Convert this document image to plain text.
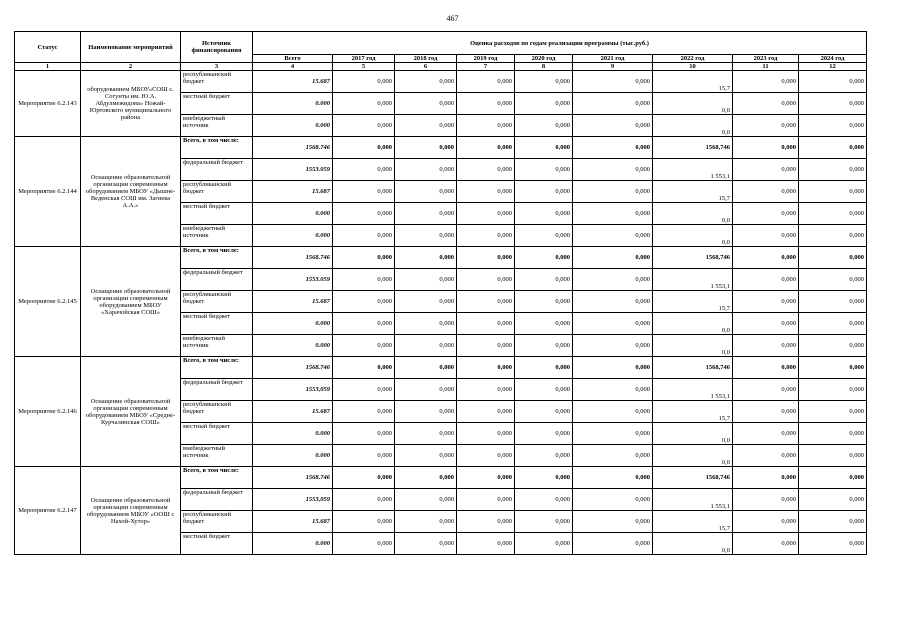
467
Статус	Наименование мероприятий	Источник финансирования	Оценка расходов по годам реализации программы (тыс.руб.)								
			Всего	2017 год	2018 год	2019 год	2020 год	2021 год	2022 год	2023 год	2024 год
1	2	3	4	5	6	7	8	9	10	11	12
Мероприятие 6.2.143	оборудованием МБОУ«СОШ с. Согунты им. Ю.А. Абдулмежидова» Ножай-Юртовского муниципального района	республиканский бюджет	15.687	0,000	0,000	0,000	0,000	0,000	15,7	0,000	0,000
		местный бюджет	0.000	0,000	0,000	0,000	0,000	0,000	0,0	0,000	0,000
		внебюджетный источник	0.000	0,000	0,000	0,000	0,000	0,000	0,0	0,000	0,000
Мероприятие 6.2.144	Оснащение образовательной организации современным оборудованием МБОУ «Дышне-Веденская СОШ им. Загиева А.А.»	Всего, в том числе:	1568.746	0,000	0,000	0,000	0,000	0,000	1568,746	0,000	0,000
		федеральный бюджет	1553.059	0,000	0,000	0,000	0,000	0,000	1 553,1	0,000	0,000
		республиканский бюджет	15.687	0,000	0,000	0,000	0,000	0,000	15,7	0,000	0,000
		местный бюджет	0.000	0,000	0,000	0,000	0,000	0,000	0,0	0,000	0,000
		внебюджетный источник	0.000	0,000	0,000	0,000	0,000	0,000	0,0	0,000	0,000
Мероприятие 6.2.145	Оснащение образовательной организации современным оборудованием МБОУ «Харачойская СОШ»	Всего, в том числе:	1568.746	0,000	0,000	0,000	0,000	0,000	1568,746	0,000	0,000
		федеральный бюджет	1553.059	0,000	0,000	0,000	0,000	0,000	1 553,1	0,000	0,000
		республиканский бюджет	15.687	0,000	0,000	0,000	0,000	0,000	15,7	0,000	0,000
		местный бюджет	0.000	0,000	0,000	0,000	0,000	0,000	0,0	0,000	0,000
		внебюджетный источник	0.000	0,000	0,000	0,000	0,000	0,000	0,0	0,000	0,000
Мероприятие 6.2.146	Оснащение образовательной организации современным оборудованием МБОУ «Средне-Курчалинская СОШ»	Всего, в том числе:	1568.746	0,000	0,000	0,000	0,000	0,000	1568,746	0,000	0,000
		федеральный бюджет	1553,059	0,000	0,000	0,000	0,000	0,000	1 553,1	0,000	0,000
		республиканский бюджет	15.687	0,000	0,000	0,000	0,000	0,000	15,7	0,000	0,000
		местный бюджет	0.000	0,000	0,000	0,000	0,000	0,000	0,0	0,000	0,000
		внебюджетный источник	0.000	0,000	0,000	0,000	0,000	0,000	0,0	0,000	0,000
Мероприятие 6.2.147	Оснащение образовательной организации современным оборудованием МБОУ «ООШ с Нахой-Хутор»	Всего, в том числе:	1568.746	0,000	0,000	0,000	0,000	0,000	1568,746	0,000	0,000
		федеральный бюджет	1553,059	0,000	0,000	0,000	0,000	0,000	1 553,1	0,000	0,000
		республиканский бюджет	15.687	0,000	0,000	0,000	0,000	0,000	15,7	0,000	0,000
		местный бюджет	0.000	0,000	0,000	0,000	0,000	0,000	0,0	0,000	0,000
